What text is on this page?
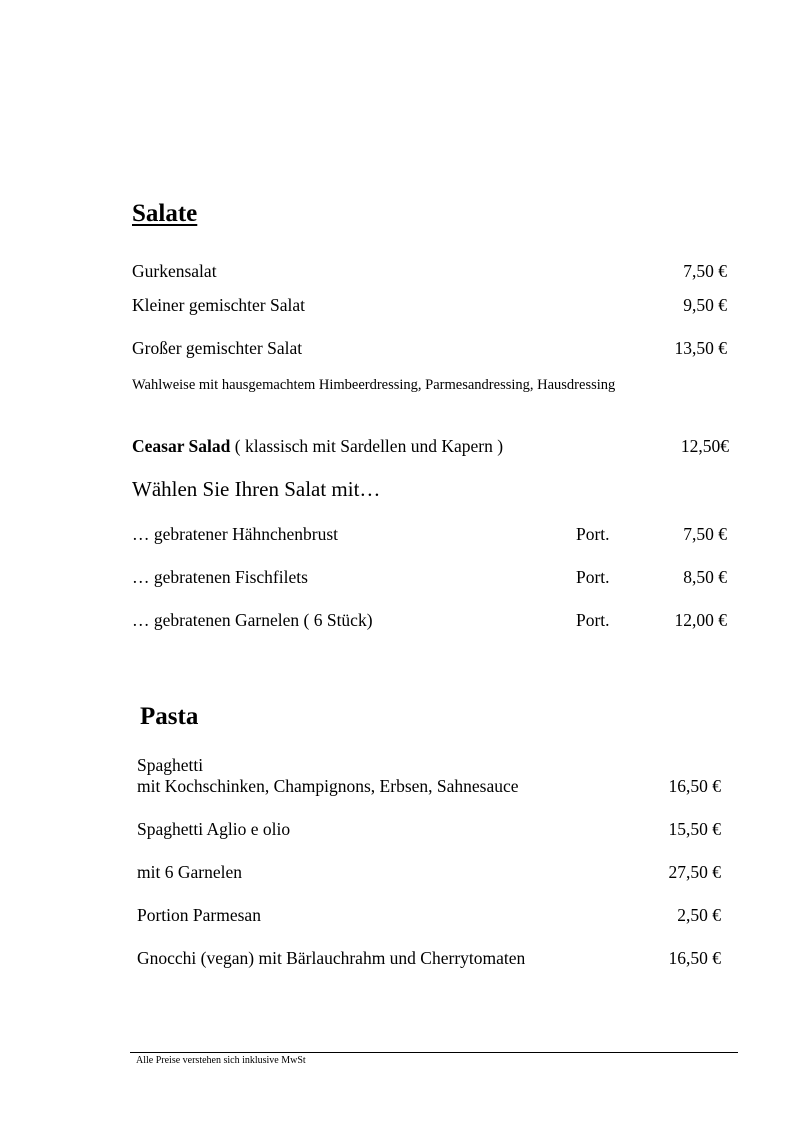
Salate
Gurkensalat	7,50 €
Kleiner gemischter Salat	9,50 €
Großer gemischter Salat	13,50 €
Wahlweise mit hausgemachtem Himbeerdressing, Parmesandressing, Hausdressing
Ceasar Salad ( klassisch mit Sardellen und Kapern )	12,50€
Wählen Sie Ihren Salat mit…
… gebratener Hähnchenbrust	Port.	7,50 €
… gebratenen Fischfilets	Port.	8,50 €
… gebratenen Garnelen ( 6 Stück)	Port.	12,00 €
Pasta
Spaghetti
mit Kochschinken, Champignons, Erbsen, Sahnesauce	16,50 €
Spaghetti Aglio e olio	15,50 €
mit 6 Garnelen	27,50 €
Portion Parmesan	2,50 €
Gnocchi (vegan) mit Bärlauchrahm und Cherrytomaten	16,50 €
Alle Preise verstehen sich inklusive MwSt
